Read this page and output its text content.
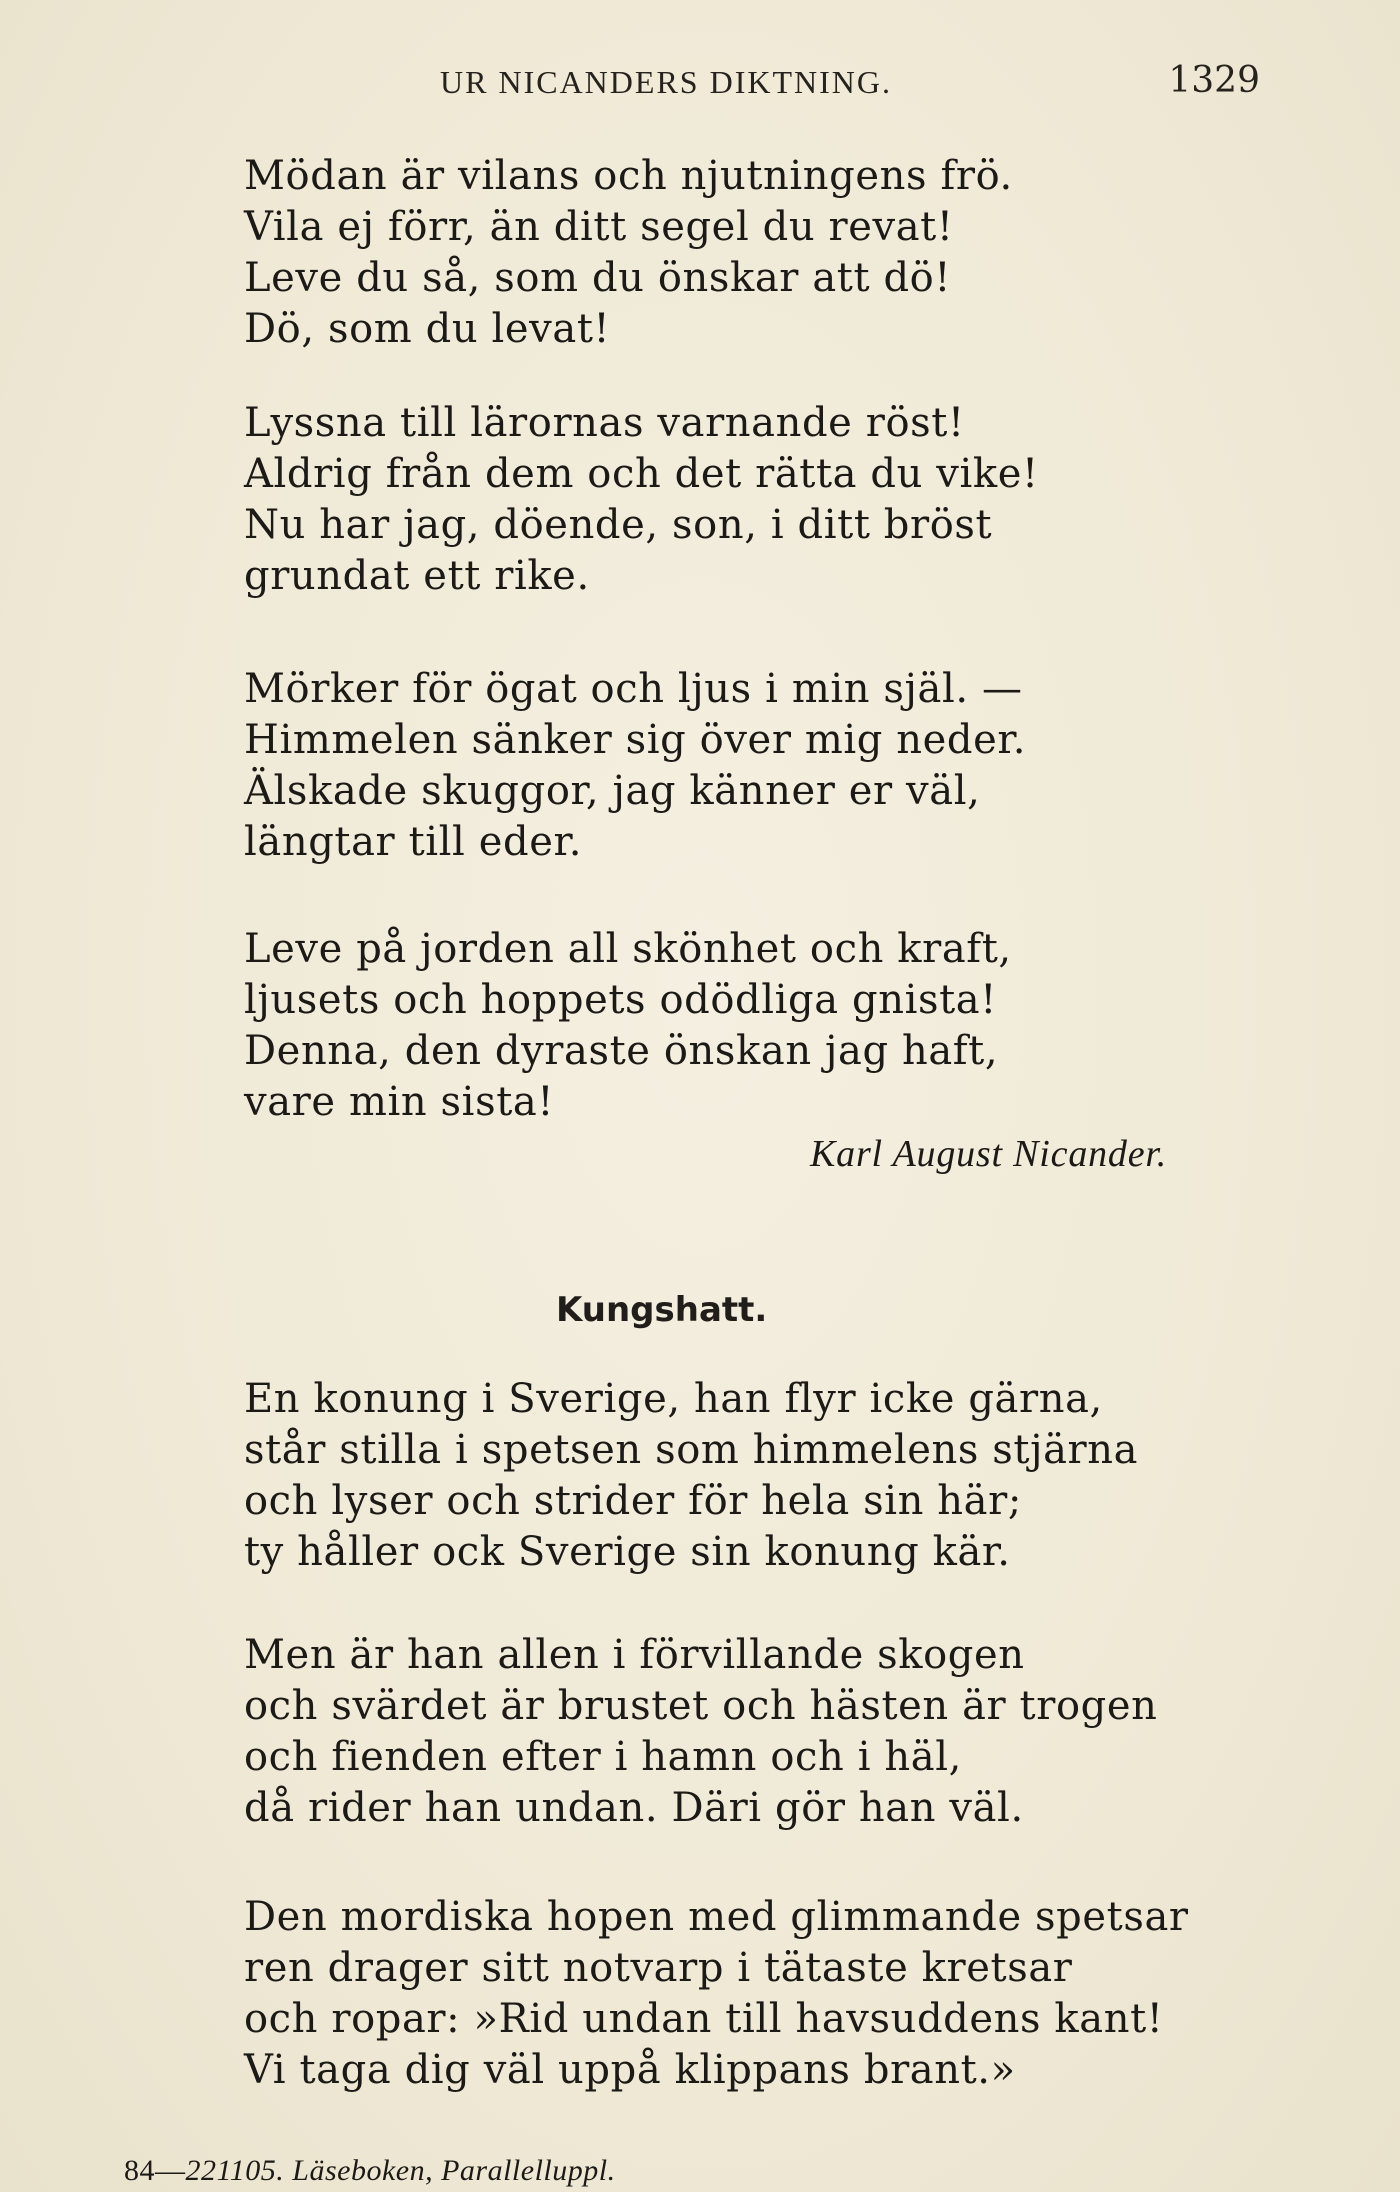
UR NICANDERS DIKTNING.	1329
Mödan är vilans och njutningens frö.
Vila ej förr, än ditt segel du revat!
Leve du så, som du önskar att dö!
Dö, som du levat!
Lyssna till lärornas varnande röst!
Aldrig från dem och det rätta du vike!
Nu har jag, döende, son, i ditt bröst
grundat ett rike.
Mörker för ögat och ljus i min själ. —
Himmelen sänker sig över mig neder.
Älskade skuggor, jag känner er väl,
längtar till eder.
Leve på jorden all skönhet och kraft,
ljusets och hoppets odödliga gnista!
Denna, den dyraste önskan jag haft,
vare min sista!
Karl August Nicander.
Kungshatt.
En konung i Sverige, han flyr icke gärna,
står stilla i spetsen som himmelens stjärna
och lyser och strider för hela sin här;
ty håller ock Sverige sin konung kär.
Men är han allen i förvillande skogen
och svärdet är brustet och hästen är trogen
och fienden efter i hamn och i häl,
då rider han undan. Däri gör han väl.
Den mordiska hopen med glimmande spetsar
ren drager sitt notvarp i tätaste kretsar
och ropar: »Rid undan till havsuddens kant!
Vi taga dig väl uppå klippans brant.»
84—221105. Läseboken, Parallelluppl.
